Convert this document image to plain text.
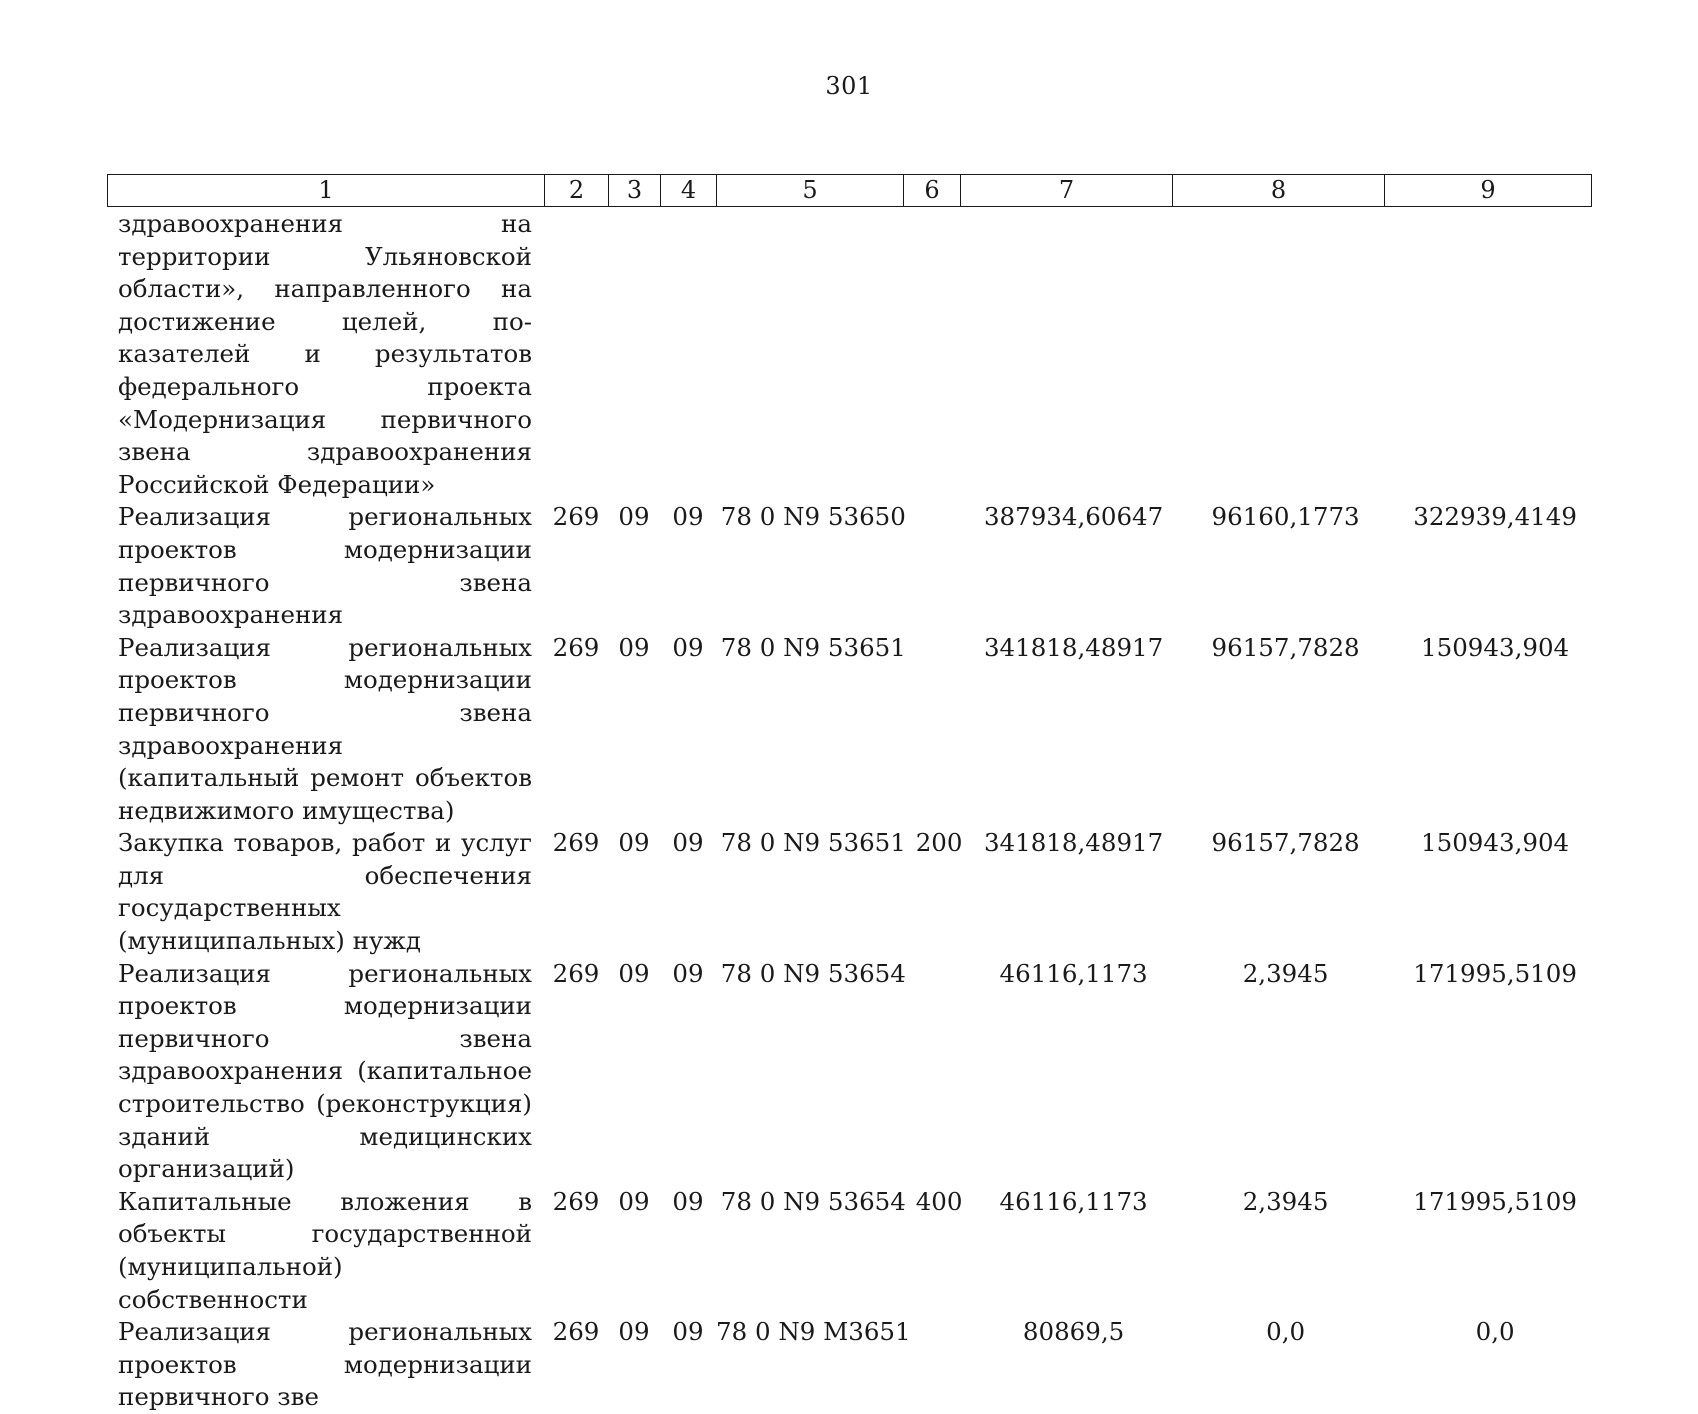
301
1	2	3	4	5	6	7	8	9
здравоохранения на территории Ульяновской области», направленного на достижение целей, показателей и результатов федерального проекта «Модернизация первичного звена здравоохранения Российской Федерации»								
Реализация региональных проектов модернизации первичного звена здравоохранения	269	09	09	78 0 N9 53650		387934,60647	96160,1773	322939,4149
Реализация региональных проектов модернизации первичного звена здравоохранения (капитальный ремонт объектов недвижимого имущества)	269	09	09	78 0 N9 53651		341818,48917	96157,7828	150943,904
Закупка товаров, работ и услуг для обеспечения государственных (муниципальных) нужд	269	09	09	78 0 N9 53651	200	341818,48917	96157,7828	150943,904
Реализация региональных проектов модернизации первичного звена здравоохранения (капитальное строительство (реконструкция) зданий медицинских организаций)	269	09	09	78 0 N9 53654		46116,1173	2,3945	171995,5109
Капитальные вложения в объекты государственной (муниципальной) собственности	269	09	09	78 0 N9 53654	400	46116,1173	2,3945	171995,5109
Реализация региональных проектов модернизации первичного зве	269	09	09	78 0 N9 М3651		80869,5	0,0	0,0
